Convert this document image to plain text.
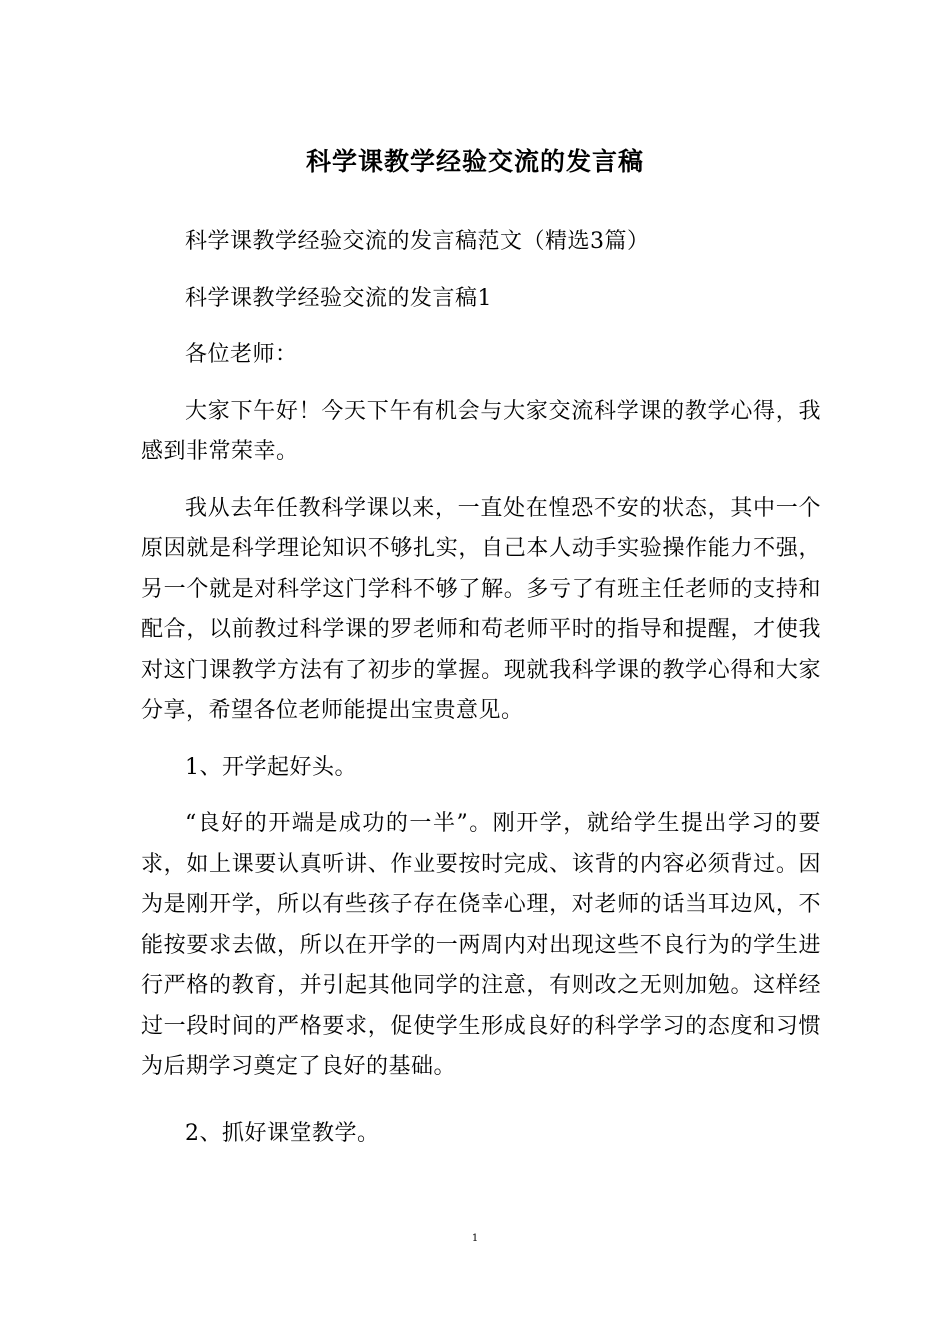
科学课教学经验交流的发言稿

科学课教学经验交流的发言稿范文（精选3篇）

科学课教学经验交流的发言稿1

各位老师：

大家下午好！今天下午有机会与大家交流科学课的教学心得，我感到非常荣幸。

我从去年任教科学课以来，一直处在惶恐不安的状态，其中一个原因就是科学理论知识不够扎实，自己本人动手实验操作能力不强，另一个就是对科学这门学科不够了解。多亏了有班主任老师的支持和配合，以前教过科学课的罗老师和苟老师平时的指导和提醒，才使我对这门课教学方法有了初步的掌握。现就我科学课的教学心得和大家分享，希望各位老师能提出宝贵意见。

1、开学起好头。

“良好的开端是成功的一半”。刚开学，就给学生提出学习的要求，如上课要认真听讲、作业要按时完成、该背的内容必须背过。因为是刚开学，所以有些孩子存在侥幸心理，对老师的话当耳边风，不能按要求去做，所以在开学的一两周内对出现这些不良行为的学生进行严格的教育，并引起其他同学的注意，有则改之无则加勉。这样经过一段时间的严格要求，促使学生形成良好的科学学习的态度和习惯为后期学习奠定了良好的基础。

2、抓好课堂教学。

1
